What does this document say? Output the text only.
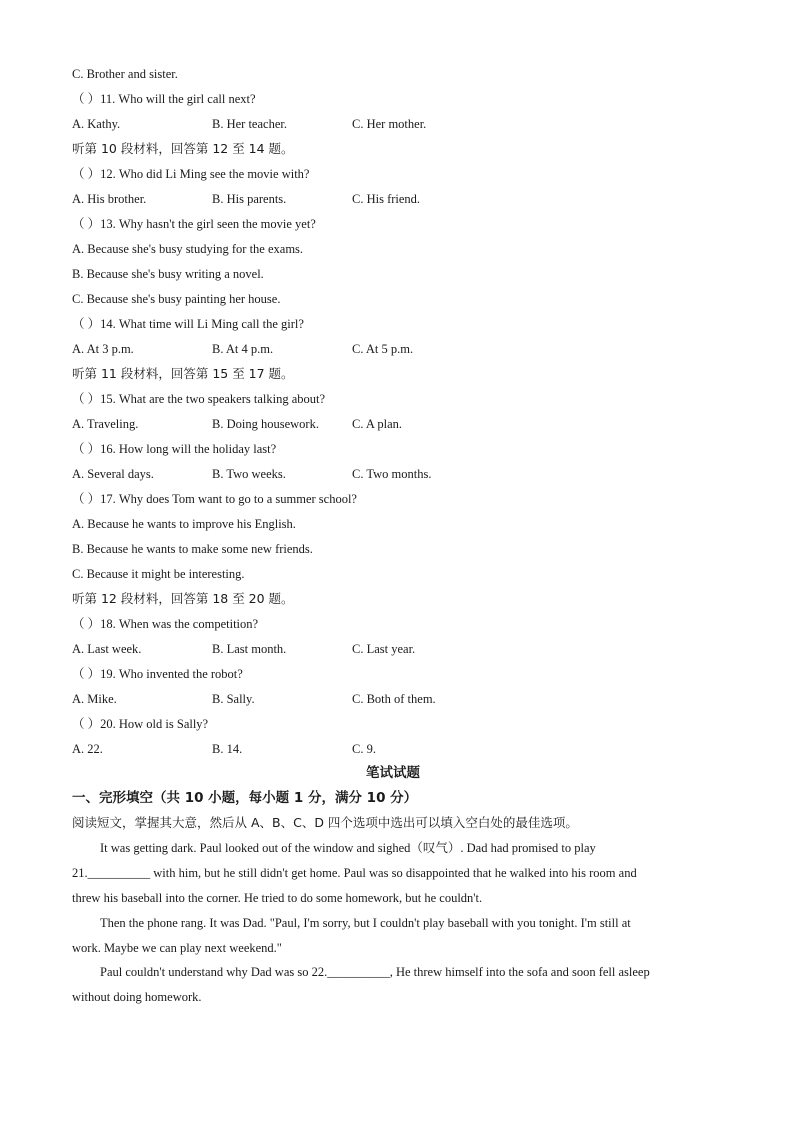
C. Brother and sister.
（ ）11. Who will the girl call next?
A. Kathy.	B. Her teacher.	C. Her mother.
听第 10 段材料，回答第 12 至 14 题。
（ ）12. Who did Li Ming see the movie with?
A. His brother.	B. His parents.	C. His friend.
（ ）13. Why hasn't the girl seen the movie yet?
A. Because she's busy studying for the exams.
B. Because she's busy writing a novel.
C. Because she's busy painting her house.
（ ）14. What time will Li Ming call the girl?
A. At 3 p.m.	B. At 4 p.m.	C. At 5 p.m.
听第 11 段材料，回答第 15 至 17 题。
（ ）15. What are the two speakers talking about?
A. Traveling.	B. Doing housework.	C. A plan.
（ ）16. How long will the holiday last?
A. Several days.	B. Two weeks.	C. Two months.
（ ）17. Why does Tom want to go to a summer school?
A. Because he wants to improve his English.
B. Because he wants to make some new friends.
C. Because it might be interesting.
听第 12 段材料，回答第 18 至 20 题。
（ ）18. When was the competition?
A. Last week.	B. Last month.	C. Last year.
（ ）19. Who invented the robot?
A. Mike.	B. Sally.	C. Both of them.
（ ）20. How old is Sally?
A. 22.	B. 14.	C. 9.
笔试试题
一、完形填空（共 10 小题，每小题 1 分，满分 10 分）
阅读短文，掌握其大意，然后从 A、B、C、D 四个选项中选出可以填入空白处的最佳选项。
It was getting dark. Paul looked out of the window and sighed（叹气）. Dad had promised to play
21.__________ with him, but he still didn't get home. Paul was so disappointed that he walked into his room and
threw his baseball into the corner. He tried to do some homework, but he couldn't.
Then the phone rang. It was Dad. "Paul, I'm sorry, but I couldn't play baseball with you tonight. I'm still at
work. Maybe we can play next weekend."
Paul couldn't understand why Dad was so 22.__________, He threw himself into the sofa and soon fell asleep
without doing homework.
